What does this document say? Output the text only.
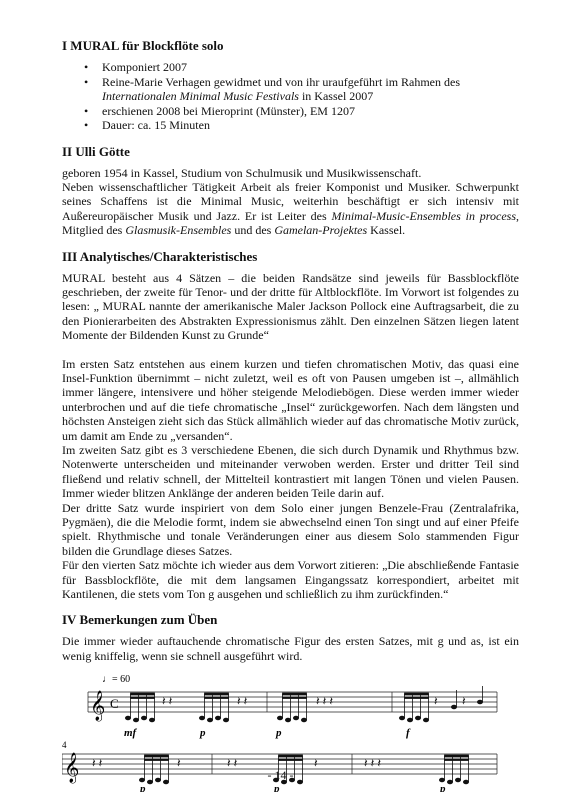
I MURAL für Blockflöte solo
• Komponiert 2007
• Reine-Marie Verhagen gewidmet und von ihr uraufgeführt im Rahmen des Internationalen Minimal Music Festivals in Kassel 2007
• erschienen 2008 bei Mieroprint (Münster), EM 1207
• Dauer: ca. 15 Minuten
II Ulli Götte

geboren 1954 in Kassel, Studium von Schulmusik und Musikwissenschaft.

Neben wissenschaftlicher Tätigkeit Arbeit als freier Komponist und Musiker. Schwerpunkt seines Schaffens ist die Minimal Music, weiterhin beschäftigt er sich intensiv mit Außereuropäischer Musik und Jazz. Er ist Leiter des Minimal-Music-Ensembles in process, Mitglied des Glasmusik-Ensembles und des Gamelan-Projektes Kassel.

III Analytisches/Charakteristisches

MURAL besteht aus 4 Sätzen – die beiden Randsätze sind jeweils für Bassblockflöte geschrieben, der zweite für Tenor- und der dritte für Altblockflöte. Im Vorwort ist folgendes zu lesen: „ MURAL nannte der amerikanische Maler Jackson Pollock eine Auftragsarbeit, die zu den Pionierarbeiten des Abstrakten Expressionismus zählt. Den einzelnen Sätzen liegen latent Momente der Bildenden Kunst zu Grunde“

Im ersten Satz entstehen aus einem kurzen und tiefen chromatischen Motiv, das quasi eine Insel-Funktion übernimmt – nicht zuletzt, weil es oft von Pausen umgeben ist –, allmählich immer längere, intensivere und höher steigende Melodiebögen. Diese werden immer wieder unterbrochen und auf die tiefe chromatische „Insel“ zurückgeworfen. Nach dem längsten und höchsten Ansteigen zieht sich das Stück allmählich wieder auf das chromatische Motiv zurück, um damit am Ende zu „versanden“.

Im zweiten Satz gibt es 3 verschiedene Ebenen, die sich durch Dynamik und Rhythmus bzw. Notenwerte unterscheiden und miteinander verwoben werden. Erster und dritter Teil sind fließend und relativ schnell, der Mittelteil kontrastiert mit langen Tönen und vielen Pausen. Immer wieder blitzen Anklänge der anderen beiden Teile darin auf.

Der dritte Satz wurde inspiriert von dem Solo einer jungen Benzele-Frau (Zentralafrika, Pygmäen), die die Melodie formt, indem sie abwechselnd einen Ton singt und auf einer Pfeife spielt. Rhythmische und tonale Veränderungen einer aus diesem Solo stammenden Figur bilden die Grundlage dieses Satzes.

Für den vierten Satz möchte ich wieder aus dem Vorwort zitieren: „Die abschließende Fantasie für Bassblockflöte, die mit dem langsamen Eingangssatz korrespondiert, arbeitet mit Kantilenen, die stets vom Ton g ausgehen und schließlich zu ihm zurückfinden.“

IV Bemerkungen zum Üben

Die immer wieder auftauchende chromatische Figur des ersten Satzes, mit g und as, ist ein wenig kniffelig, wenn sie schnell ausgeführt wird.

♩= 60
𝄞 C	𝄽 𝄽	𝄽 𝄽	𝄽 𝄽 𝄽	𝄽 𝄽
mf	p	p	f
4
𝄞 𝄽 𝄽	𝄽	𝄽 𝄽	𝄽	𝄽 𝄽 𝄽
p	p	p
- 14 -
